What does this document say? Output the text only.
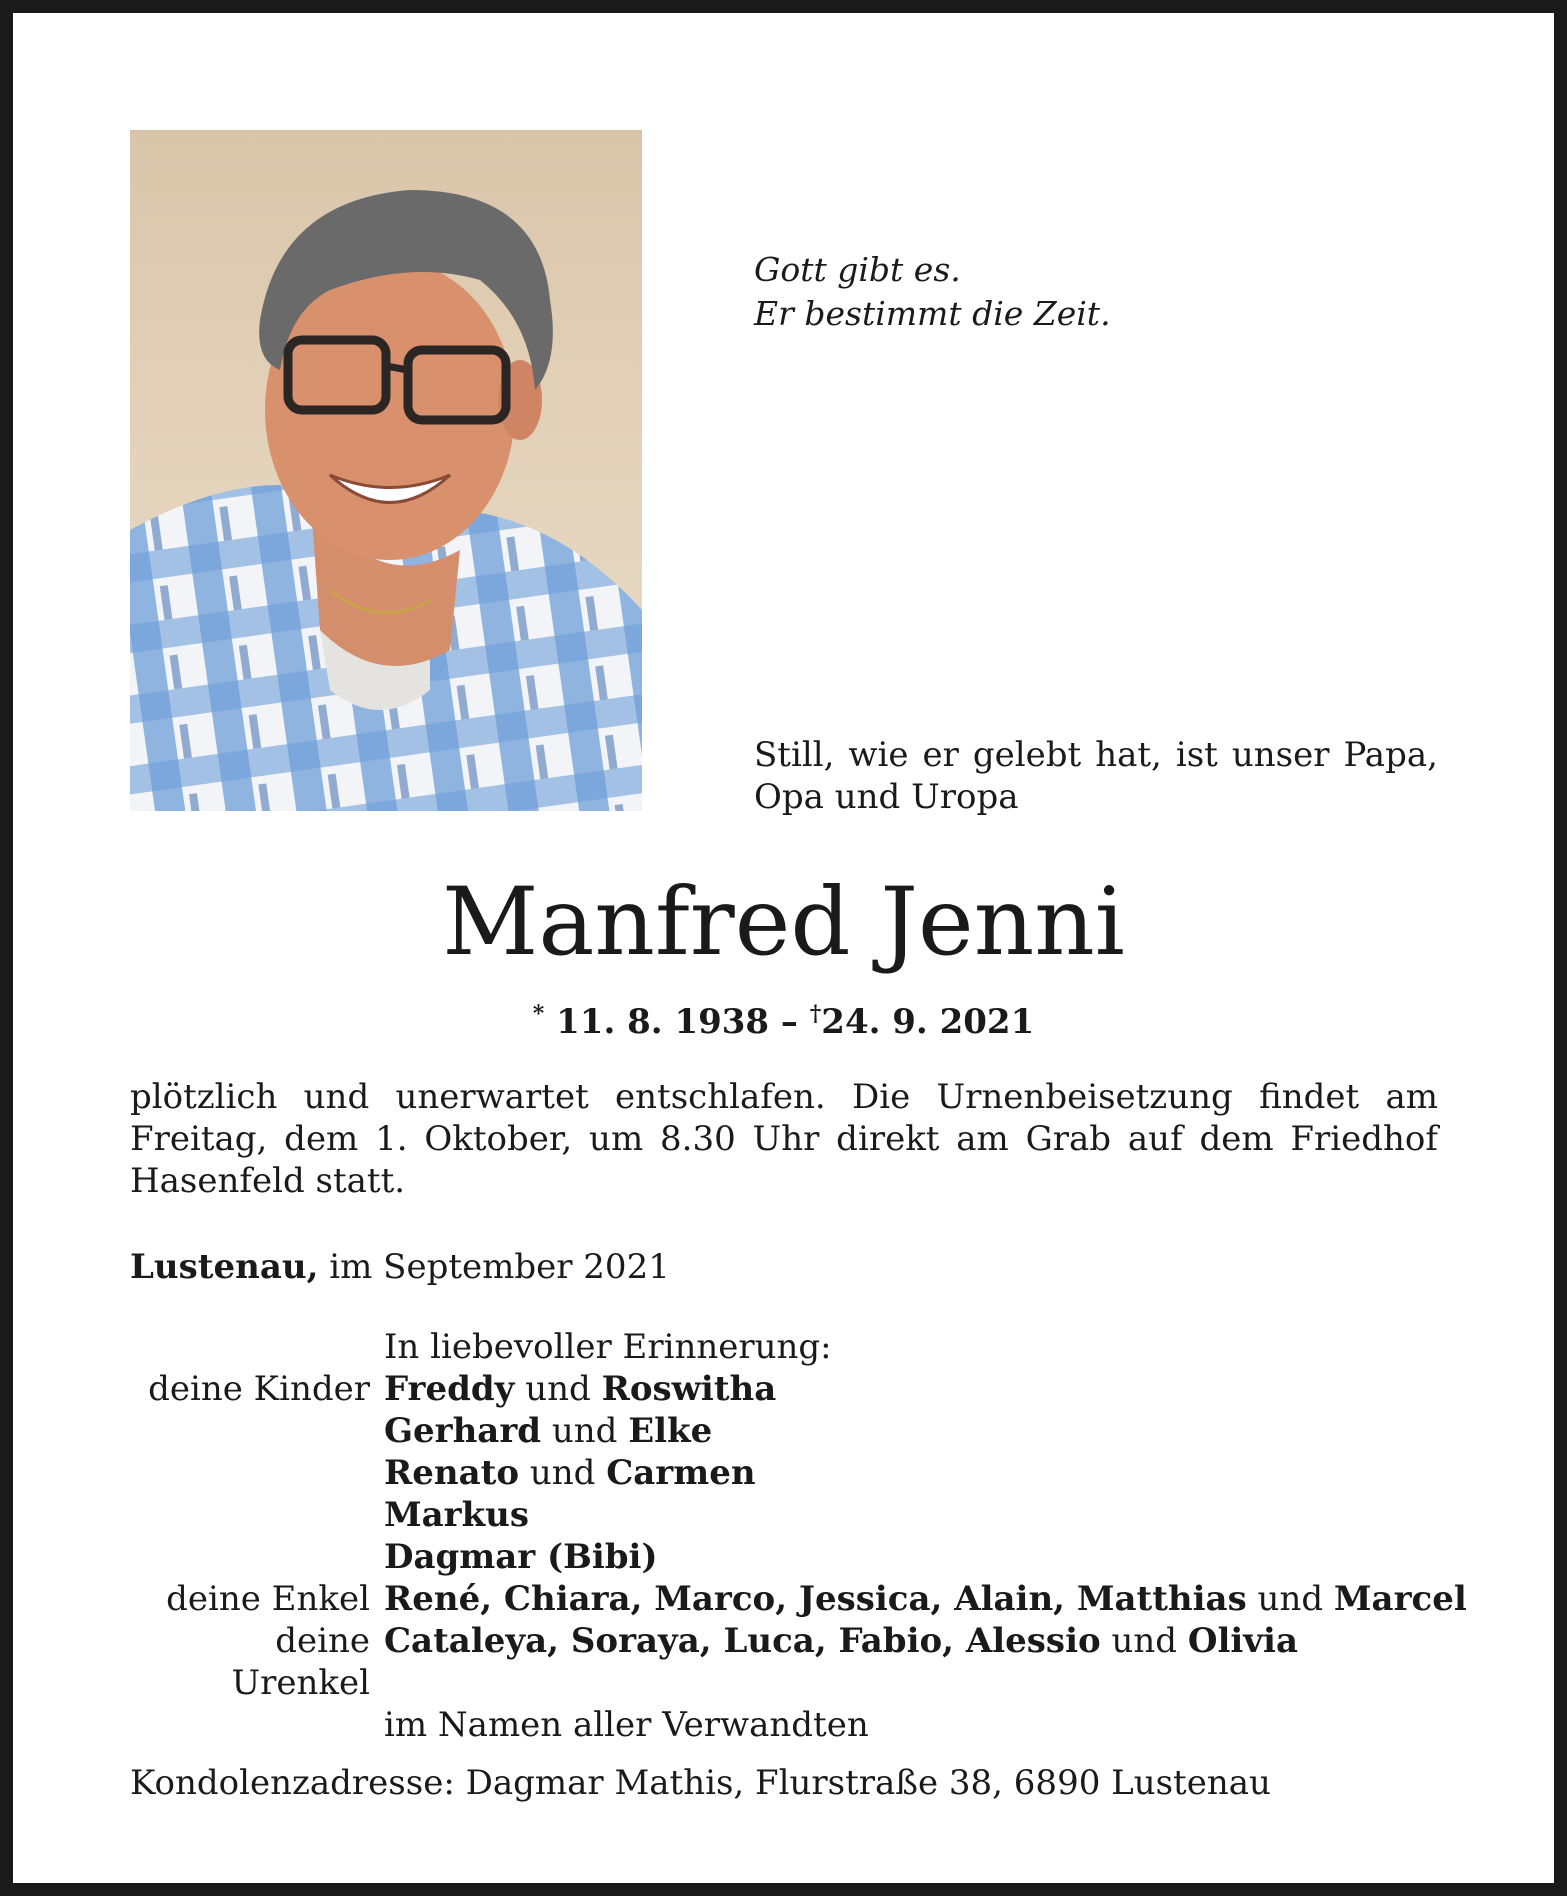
Gott gibt es.
Er bestimmt die Zeit.
Still, wie er gelebt hat, ist unser Papa,
Opa und Uropa
Manfred Jenni
* 11. 8. 1938 – †24. 9. 2021
plötzlich und unerwartet entschlafen. Die Urnenbeisetzung findet am Freitag, dem 1. Oktober, um 8.30 Uhr direkt am Grab auf dem Friedhof Hasenfeld statt.
Lustenau, im September 2021
In liebevoller Erinnerung:
deine Kinder Freddy und Roswitha
Gerhard und Elke
Renato und Carmen
Markus
Dagmar (Bibi)
deine Enkel René, Chiara, Marco, Jessica, Alain, Matthias und Marcel
deine Urenkel
Cataleya, Soraya, Luca, Fabio, Alessio und Olivia
im Namen aller Verwandten
Kondolenzadresse: Dagmar Mathis, Flurstraße 38, 6890 Lustenau
